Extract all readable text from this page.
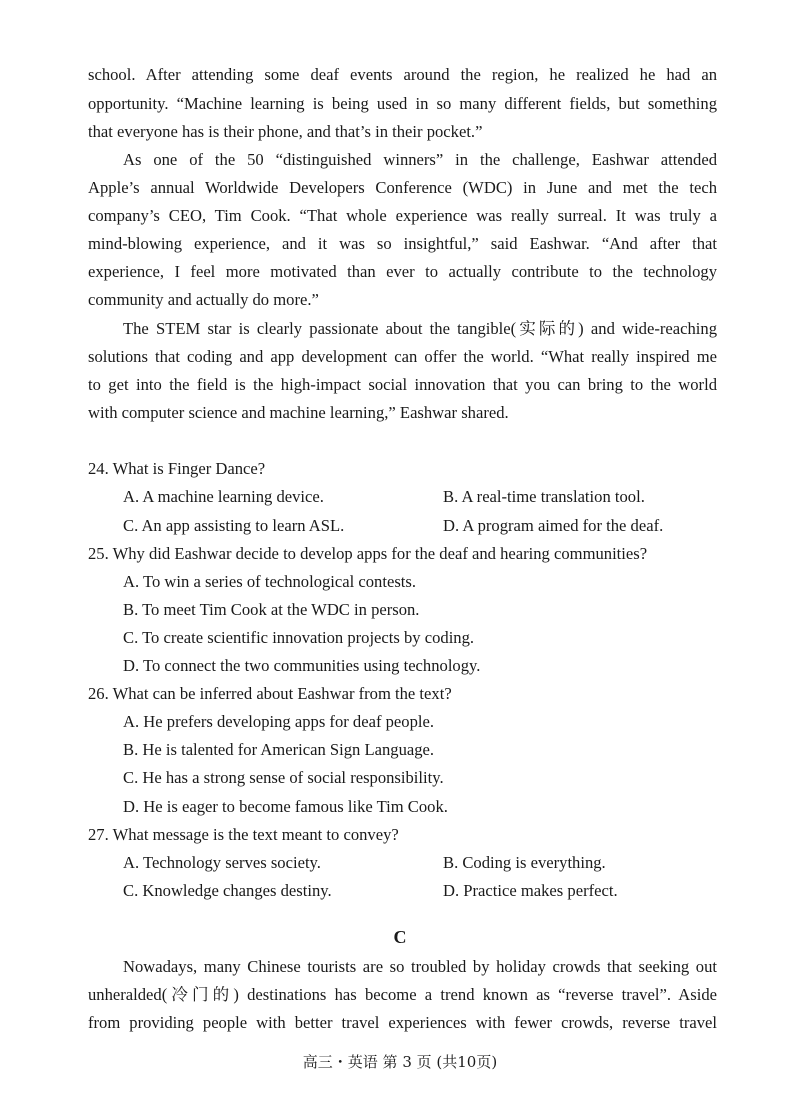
school. After attending some deaf events around the region, he realized he had an
opportunity. “Machine learning is being used in so many different fields, but something
that everyone has is their phone, and that’s in their pocket.”
As one of the 50 “distinguished winners” in the challenge, Eashwar attended
Apple’s annual Worldwide Developers Conference (WDC) in June and met the tech
company’s CEO, Tim Cook. “That whole experience was really surreal. It was truly a
mind-blowing experience, and it was so insightful,” said Eashwar. “And after that
experience, I feel more motivated than ever to actually contribute to the technology
community and actually do more.”
The STEM star is clearly passionate about the tangible(实际的) and wide-reaching
solutions that coding and app development can offer the world. “What really inspired me
to get into the field is the high-impact social innovation that you can bring to the world
with computer science and machine learning,” Eashwar shared.
24. What is Finger Dance?
A. A machine learning device.	B. A real-time translation tool.
C. An app assisting to learn ASL.	D. A program aimed for the deaf.
25. Why did Eashwar decide to develop apps for the deaf and hearing communities?
A. To win a series of technological contests.
B. To meet Tim Cook at the WDC in person.
C. To create scientific innovation projects by coding.
D. To connect the two communities using technology.
26. What can be inferred about Eashwar from the text?
A. He prefers developing apps for deaf people.
B. He is talented for American Sign Language.
C. He has a strong sense of social responsibility.
D. He is eager to become famous like Tim Cook.
27. What message is the text meant to convey?
A. Technology serves society.	B. Coding is everything.
C. Knowledge changes destiny.	D. Practice makes perfect.
C
Nowadays, many Chinese tourists are so troubled by holiday crowds that seeking out
unheralded(冷门的) destinations has become a trend known as “reverse travel”. Aside
from providing people with better travel experiences with fewer crowds, reverse travel
高三・英语 第 3 页 (共10页)
